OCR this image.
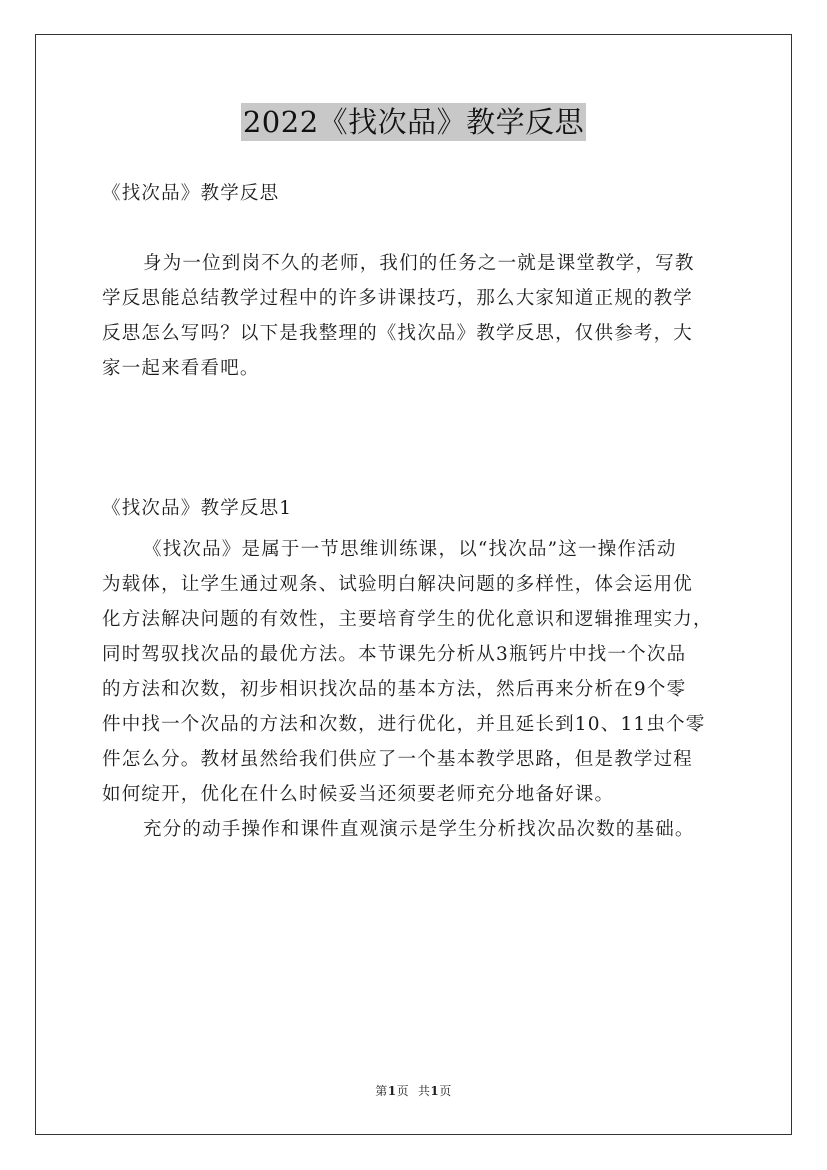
2022《找次品》教学反思
《找次品》教学反思
身为一位到岗不久的老师，我们的任务之一就是课堂教学，写教
学反思能总结教学过程中的许多讲课技巧，那么大家知道正规的教学
反思怎么写吗？以下是我整理的《找次品》教学反思，仅供参考，大
家一起来看看吧。
《找次品》教学反思1
《找次品》是属于一节思维训练课，以“找次品”这一操作活动
为载体，让学生通过观条、试验明白解决问题的多样性，体会运用优
化方法解决问题的有效性，主要培育学生的优化意识和逻辑推理实力，
同时驾驭找次品的最优方法。本节课先分析从3瓶钙片中找一个次品
的方法和次数，初步相识找次品的基本方法，然后再来分析在9个零
件中找一个次品的方法和次数，进行优化，并且延长到10、11虫个零
件怎么分。教材虽然给我们供应了一个基本教学思路，但是教学过程
如何绽开，优化在什么时候妥当还须要老师充分地备好课。
充分的动手操作和课件直观演示是学生分析找次品次数的基础。
第1页 共1页
